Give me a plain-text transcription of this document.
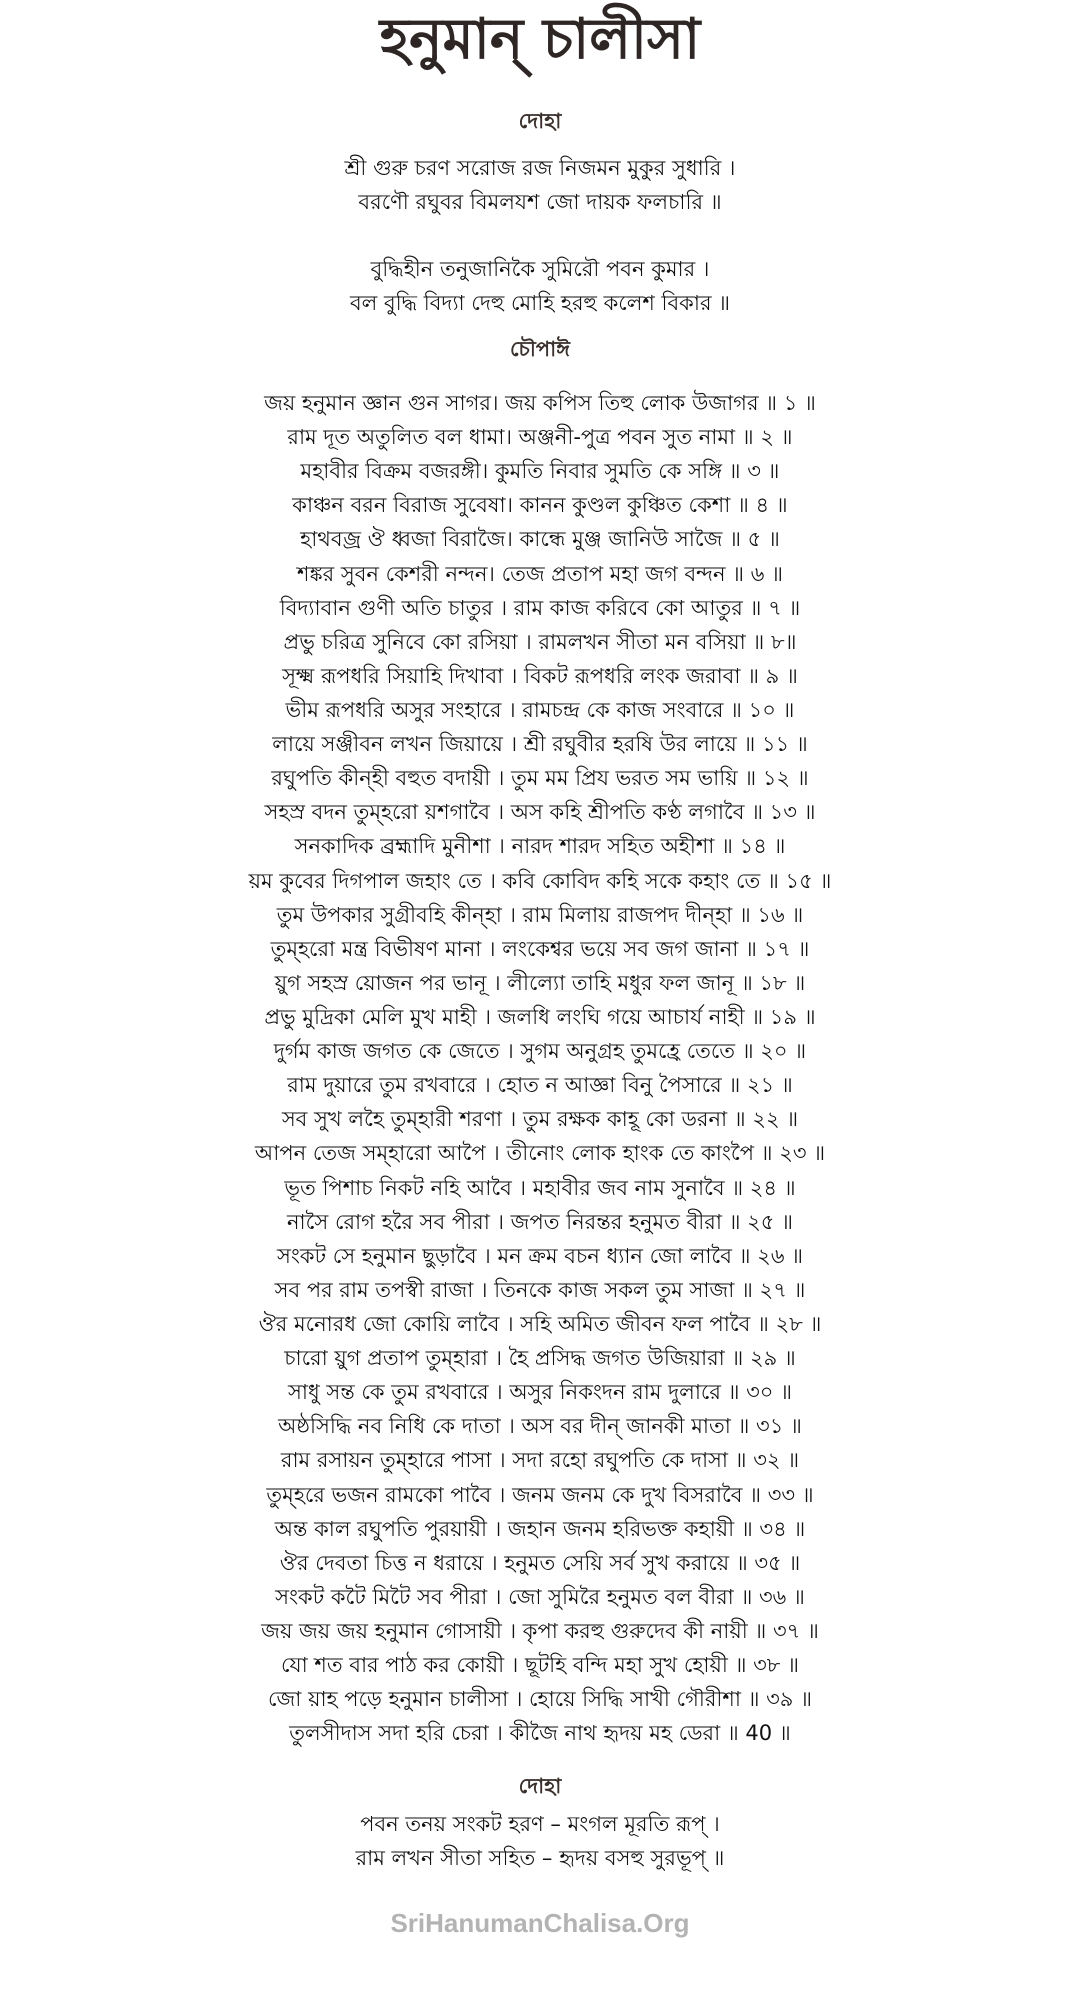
হনুমান্ চালীসা
দোহা
শ্রী গুরু চরণ সরোজ রজ নিজমন মুকুর সুধারি ।
বরণৌ রঘুবর বিমলযশ জো দায়ক ফলচারি ॥
বুদ্ধিহীন তনুজানিকৈ সুমিরৌ পবন কুমার ।
বল বুদ্ধি বিদ্যা দেহু মোহি হরহু কলেশ বিকার ॥
চৌপাঈ
জয় হনুমান জ্ঞান গুন সাগর। জয় কপিস তিহু লোক উজাগর ॥ ১ ॥
রাম দূত অতুলিত বল ধামা। অঞ্জনী-পুত্র পবন সুত নামা ॥ ২ ॥
মহাবীর বিক্রম বজরঙ্গী। কুমতি নিবার সুমতি কে সঙ্গি ॥ ৩ ॥
কাঞ্চন বরন বিরাজ সুবেষা। কানন কুণ্ডল কুঞ্চিত কেশা ॥ ৪ ॥
হাথবজ্র ঔ ধ্বজা বিরাজৈ। কান্ধে মুঞ্জ জানিউ সাজৈ ॥ ৫ ॥
শঙ্কর সুবন কেশরী নন্দন। তেজ প্রতাপ মহা জগ বন্দন ॥ ৬ ॥
বিদ্যাবান গুণী অতি চাতুর । রাম কাজ করিবে কো আতুর ॥ ৭ ॥
প্রভু চরিত্র সুনিবে কো রসিয়া । রামলখন সীতা মন বসিয়া ॥ ৮॥
সূক্ষ্ম রূপধরি সিয়াহি দিখাবা । বিকট রূপধরি লংক জরাবা ॥ ৯ ॥
ভীম রূপধরি অসুর সংহারে । রামচন্দ্র কে কাজ সংবারে ॥ ১০ ॥
লায়ে সঞ্জীবন লখন জিয়ায়ে । শ্রী রঘুবীর হরষি উর লায়ে ॥ ১১ ॥
রঘুপতি কীন্হী বহুত বদায়ী । তুম মম প্রিয ভরত সম ভায়ি ॥ ১২ ॥
সহস্র বদন তুম্হরো য়শগাবৈ । অস কহি শ্রীপতি কণ্ঠ লগাবৈ ॥ ১৩ ॥
সনকাদিক ব্রহ্মাদি মুনীশা । নারদ শারদ সহিত অহীশা ॥ ১৪ ॥
য়ম কুবের দিগপাল জহাং তে । কবি কোবিদ কহি সকে কহাং তে ॥ ১৫ ॥
তুম উপকার সুগ্রীবহি কীন্হা । রাম মিলায় রাজপদ দীন্হা ॥ ১৬ ॥
তুম্হরো মন্ত্র বিভীষণ মানা । লংকেশ্বর ভয়ে সব জগ জানা ॥ ১৭ ॥
য়ুগ সহস্র য়োজন পর ভানূ । লীল্যো তাহি মধুর ফল জানূ ॥ ১৮ ॥
প্রভু মুদ্রিকা মেলি মুখ মাহী । জলধি লংঘি গয়ে আচার্য নাহী ॥ ১৯ ॥
দুর্গম কাজ জগত কে জেতে । সুগম অনুগ্রহ তুমহ্রে তেতে ॥ ২০ ॥
রাম দুয়ারে তুম রখবারে । হোত ন আজ্ঞা বিনু পৈসারে ॥ ২১ ॥
সব সুখ লহৈ তুম্হারী শরণা । তুম রক্ষক কাহূ কো ডরনা ॥ ২২ ॥
আপন তেজ সম্হারো আপৈ । তীনোং লোক হাংক তে কাংপৈ ॥ ২৩ ॥
ভূত পিশাচ নিকট নহি আবৈ । মহাবীর জব নাম সুনাবৈ ॥ ২৪ ॥
নাসৈ রোগ হরৈ সব পীরা । জপত নিরন্তর হনুমত বীরা ॥ ২৫ ॥
সংকট সে হনুমান ছুড়াবৈ । মন ক্রম বচন ধ্যান জো লাবৈ ॥ ২৬ ॥
সব পর রাম তপস্বী রাজা । তিনকে কাজ সকল তুম সাজা ॥ ২৭ ॥
ঔর মনোরধ জো কোয়ি লাবৈ । সহি অমিত জীবন ফল পাবৈ ॥ ২৮ ॥
চারো য়ুগ প্রতাপ তুম্হারা । হৈ প্রসিদ্ধ জগত উজিয়ারা ॥ ২৯ ॥
সাধু সন্ত কে তুম রখবারে । অসুর নিকংদন রাম দুলারে ॥ ৩০ ॥
অষ্ঠসিদ্ধি নব নিধি কে দাতা । অস বর দীন্ জানকী মাতা ॥ ৩১ ॥
রাম রসায়ন তুম্হারে পাসা । সদা রহো রঘুপতি কে দাসা ॥ ৩২ ॥
তুম্হরে ভজন রামকো পাবৈ । জনম জনম কে দুখ বিসরাবৈ ॥ ৩৩ ॥
অন্ত কাল রঘুপতি পুরয়ায়ী । জহান জনম হরিভক্ত কহায়ী ॥ ৩৪ ॥
ঔর দেবতা চিত্ত ন ধরায়ে । হনুমত সেয়ি সর্ব সুখ করায়ে ॥ ৩৫ ॥
সংকট কটৈ মিটৈ সব পীরা । জো সুমিরৈ হনুমত বল বীরা ॥ ৩৬ ॥
জয় জয় জয় হনুমান গোসায়ী । কৃপা করহু গুরুদেব কী নায়ী ॥ ৩৭ ॥
যো শত বার পাঠ কর কোয়ী । ছূটহি বন্দি মহা সুখ হোয়ী ॥ ৩৮ ॥
জো য়াহ পড়ে হনুমান চালীসা । হোয়ে সিদ্ধি সাখী গৌরীশা ॥ ৩৯ ॥
তুলসীদাস সদা হরি চেরা । কীজৈ নাথ হৃদয় মহ ডেরা ॥ 40 ॥
দোহা
পবন তনয় সংকট হরণ – মংগল মূরতি রূপ্ ।
রাম লখন সীতা সহিত – হৃদয় বসহু সুরভূপ্ ॥
SriHanumanChalisa.Org
